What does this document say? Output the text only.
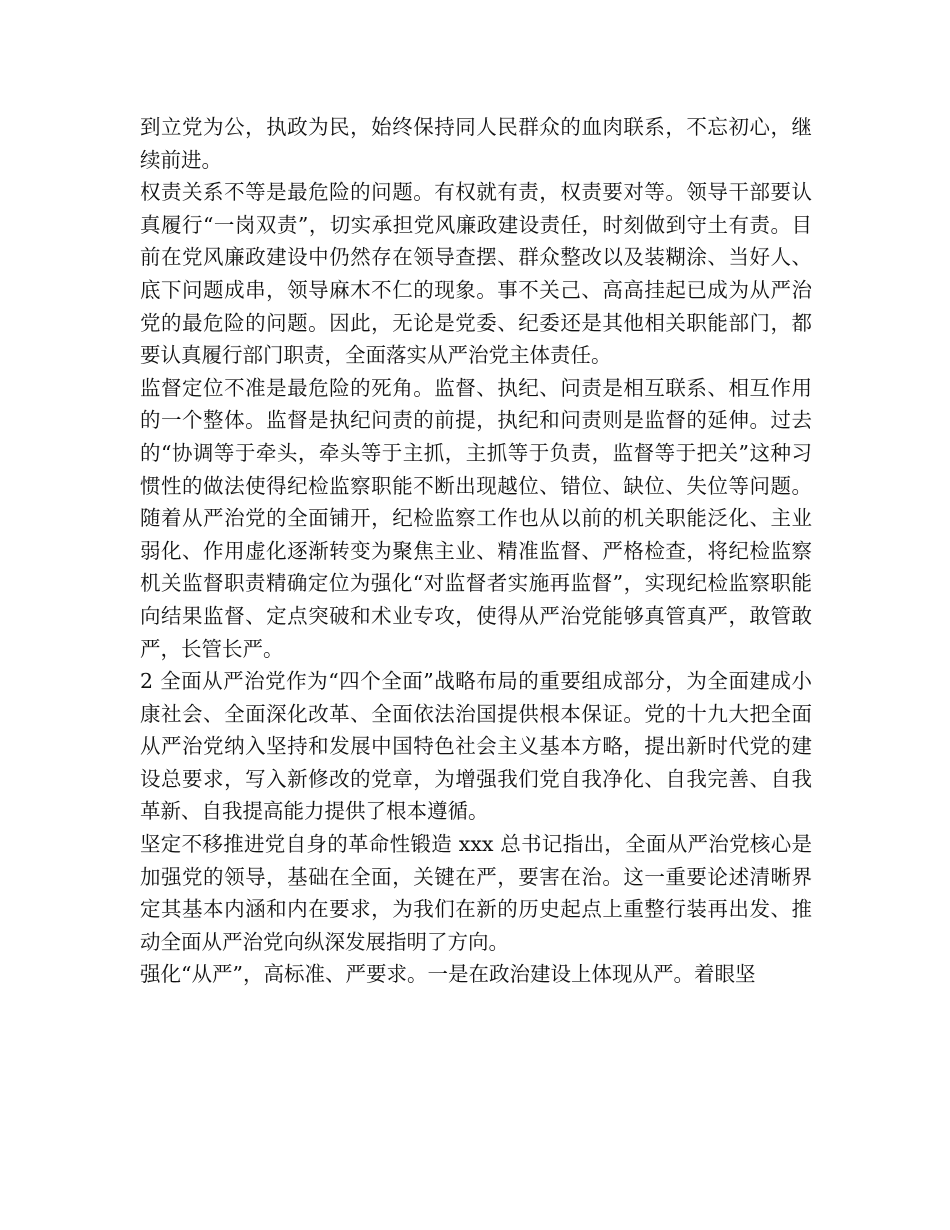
到立党为公，执政为民，始终保持同人民群众的血肉联系，不忘初心，继续前进。

权责关系不等是最危险的问题。有权就有责，权责要对等。领导干部要认真履行“一岗双责”，切实承担党风廉政建设责任，时刻做到守土有责。目前在党风廉政建设中仍然存在领导查摆、群众整改以及装糊涂、当好人、底下问题成串，领导麻木不仁的现象。事不关己、高高挂起已成为从严治党的最危险的问题。因此，无论是党委、纪委还是其他相关职能部门，都要认真履行部门职责，全面落实从严治党主体责任。

监督定位不准是最危险的死角。监督、执纪、问责是相互联系、相互作用的一个整体。监督是执纪问责的前提，执纪和问责则是监督的延伸。过去的“协调等于牵头，牵头等于主抓，主抓等于负责，监督等于把关”这种习惯性的做法使得纪检监察职能不断出现越位、错位、缺位、失位等问题。随着从严治党的全面铺开，纪检监察工作也从以前的机关职能泛化、主业弱化、作用虚化逐渐转变为聚焦主业、精准监督、严格检查，将纪检监察机关监督职责精确定位为强化“对监督者实施再监督”，实现纪检监察职能向结果监督、定点突破和术业专攻，使得从严治党能够真管真严，敢管敢严，长管长严。

2 全面从严治党作为“四个全面”战略布局的重要组成部分，为全面建成小康社会、全面深化改革、全面依法治国提供根本保证。党的十九大把全面从严治党纳入坚持和发展中国特色社会主义基本方略，提出新时代党的建设总要求，写入新修改的党章，为增强我们党自我净化、自我完善、自我革新、自我提高能力提供了根本遵循。

坚定不移推进党自身的革命性锻造 xxx 总书记指出，全面从严治党核心是加强党的领导，基础在全面，关键在严，要害在治。这一重要论述清晰界定其基本内涵和内在要求，为我们在新的历史起点上重整行装再出发、推动全面从严治党向纵深发展指明了方向。

强化“从严”，高标准、严要求。一是在政治建设上体现从严。着眼坚
